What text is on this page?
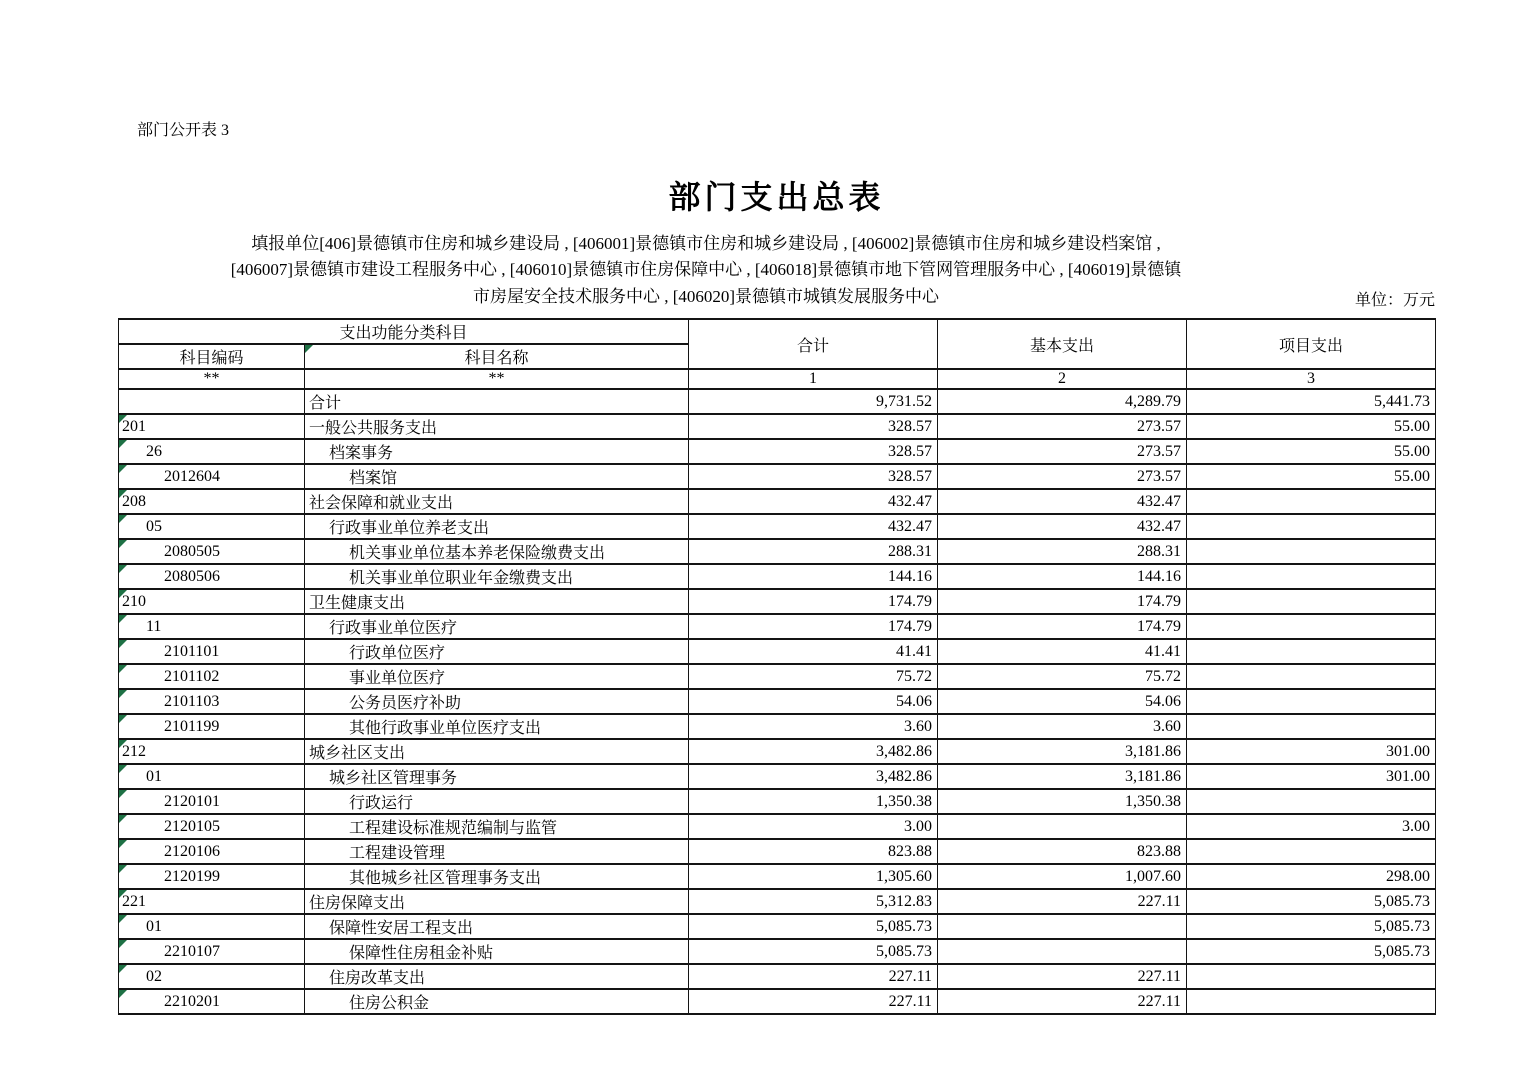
部门公开表 3
部门支出总表
填报单位[406]景德镇市住房和城乡建设局 , [406001]景德镇市住房和城乡建设局 , [406002]景德镇市住房和城乡建设档案馆 ,
[406007]景德镇市建设工程服务中心 , [406010]景德镇市住房保障中心 , [406018]景德镇市地下管网管理服务中心 , [406019]景德镇
市房屋安全技术服务中心 , [406020]景德镇市城镇发展服务中心	单位：万元
支出功能分类科目		合计	基本支出	项目支出
科目编码	科目名称			
**	**	1	2	3
	合计	9,731.52	4,289.79	5,441.73
201	一般公共服务支出	328.57	273.57	55.00
26	档案事务	328.57	273.57	55.00
2012604	档案馆	328.57	273.57	55.00
208	社会保障和就业支出	432.47	432.47	
05	行政事业单位养老支出	432.47	432.47	
2080505	机关事业单位基本养老保险缴费支出	288.31	288.31	
2080506	机关事业单位职业年金缴费支出	144.16	144.16	
210	卫生健康支出	174.79	174.79	
11	行政事业单位医疗	174.79	174.79	
2101101	行政单位医疗	41.41	41.41	
2101102	事业单位医疗	75.72	75.72	
2101103	公务员医疗补助	54.06	54.06	
2101199	其他行政事业单位医疗支出	3.60	3.60	
212	城乡社区支出	3,482.86	3,181.86	301.00
01	城乡社区管理事务	3,482.86	3,181.86	301.00
2120101	行政运行	1,350.38	1,350.38	
2120105	工程建设标准规范编制与监管	3.00		3.00
2120106	工程建设管理	823.88	823.88	
2120199	其他城乡社区管理事务支出	1,305.60	1,007.60	298.00
221	住房保障支出	5,312.83	227.11	5,085.73
01	保障性安居工程支出	5,085.73		5,085.73
2210107	保障性住房租金补贴	5,085.73		5,085.73
02	住房改革支出	227.11	227.11	
2210201	住房公积金	227.11	227.11	
